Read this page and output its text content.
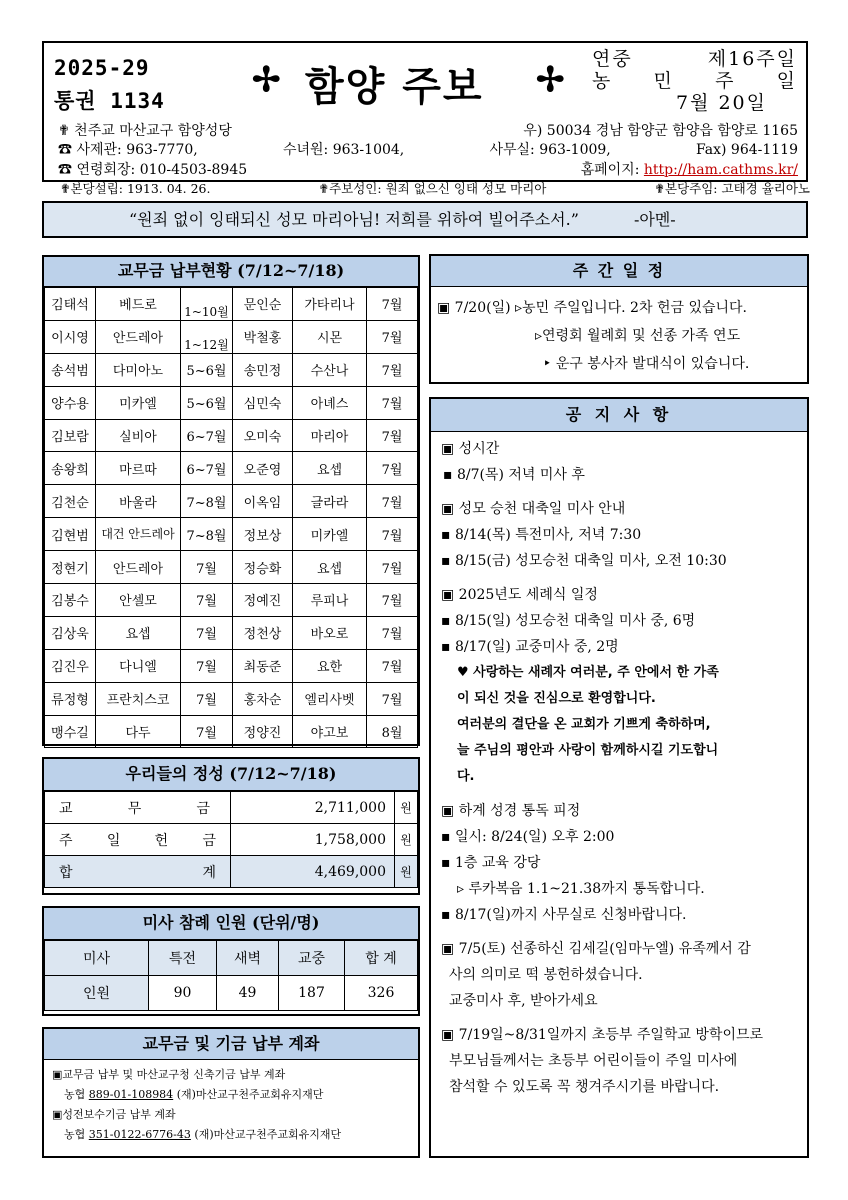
2025-29
통권 1134
✢ 함양 주보 ✢
연중 제16주일
농 민 주 일
7월 20일
✟ 천주교 마산교구 함양성당	우) 50034 경남 함양군 함양읍 함양로 1165
☎ 사제관: 963-7770,	수녀원: 963-1004,	사무실: 963-1009,	Fax) 964-1119
☎ 연령회장: 010-4503-8945	홈페이지: http://ham.cathms.kr/
✟본당설립: 1913. 04. 26.	✟주보성인: 원죄 없으신 잉태 성모 마리아	✟본당주임: 고태경 율리아노
“원죄 없이 잉태되신 성모 마리아님! 저희를 위하여 빌어주소서.”	-아멘-
교무금 납부현황 (7/12~7/18)
김태석	베드로	1~10월	문인순	가타리나	7월
이시영	안드레아	1~12월	박철홍	시몬	7월
송석범	다미아노	5~6월	송민정	수산나	7월
양수용	미카엘	5~6월	심민숙	아녜스	7월
김보람	실비아	6~7월	오미숙	마리아	7월
송왕희	마르따	6~7월	오준영	요셉	7월
김천순	바울라	7~8월	이옥임	글라라	7월
김현범	대건 안드레아	7~8월	정보상	미카엘	7월
정현기	안드레아	7월	정승화	요셉	7월
김봉수	안셀모	7월	정예진	루피나	7월
김상욱	요셉	7월	정천상	바오로	7월
김진우	다니엘	7월	최동준	요한	7월
류정형	프란치스코	7월	홍차순	엘리사벳	7월
맹수길	다두	7월	정양진	야고보	8월
우리들의 정성 (7/12~7/18)
교 무 금	2,711,000	원
주 일 헌 금	1,758,000	원
합 계	4,469,000	원
미사 참례 인원 (단위/명)
미사	특전	새벽	교중	합 계
인원	90	49	187	326
교무금 및 기금 납부 계좌
▣교무금 납부 및 마산교구청 신축기금 납부 계좌
농협 889-01-108984 (재)마산교구천주교회유지재단
▣성전보수기금 납부 계좌
농협 351-0122-6776-43 (재)마산교구천주교회유지재단
주 간 일 정
▣ 7/20(일) ▹농민 주일입니다. 2차 헌금 있습니다.
▹연령회 월례회 및 선종 가족 연도
‣ 운구 봉사자 발대식이 있습니다.
공 지 사 항
▣ 성시간
▪ 8/7(목) 저녁 미사 후
▣ 성모 승천 대축일 미사 안내
▪ 8/14(목) 특전미사, 저녁 7:30
▪ 8/15(금) 성모승천 대축일 미사, 오전 10:30
▣ 2025년도 세례식 일정
▪ 8/15(일) 성모승천 대축일 미사 중, 6명
▪ 8/17(일) 교중미사 중, 2명
♥ 사랑하는 새례자 여러분, 주 안에서 한 가족
이 되신 것을 진심으로 환영합니다.
여러분의 결단을 온 교회가 기쁘게 축하하며,
늘 주님의 평안과 사랑이 함께하시길 기도합니
다.
▣ 하계 성경 통독 피정
▪ 일시: 8/24(일) 오후 2:00
▪ 1층 교육 강당
▹ 루카복음 1.1~21.38까지 통독합니다.
▪ 8/17(일)까지 사무실로 신청바랍니다.
▣ 7/5(토) 선종하신 김세길(임마누엘) 유족께서 감
사의 의미로 떡 봉헌하셨습니다.
교중미사 후, 받아가세요
▣ 7/19일~8/31일까지 초등부 주일학교 방학이므로
부모님들께서는 초등부 어린이들이 주일 미사에
참석할 수 있도록 꼭 챙겨주시기를 바랍니다.
